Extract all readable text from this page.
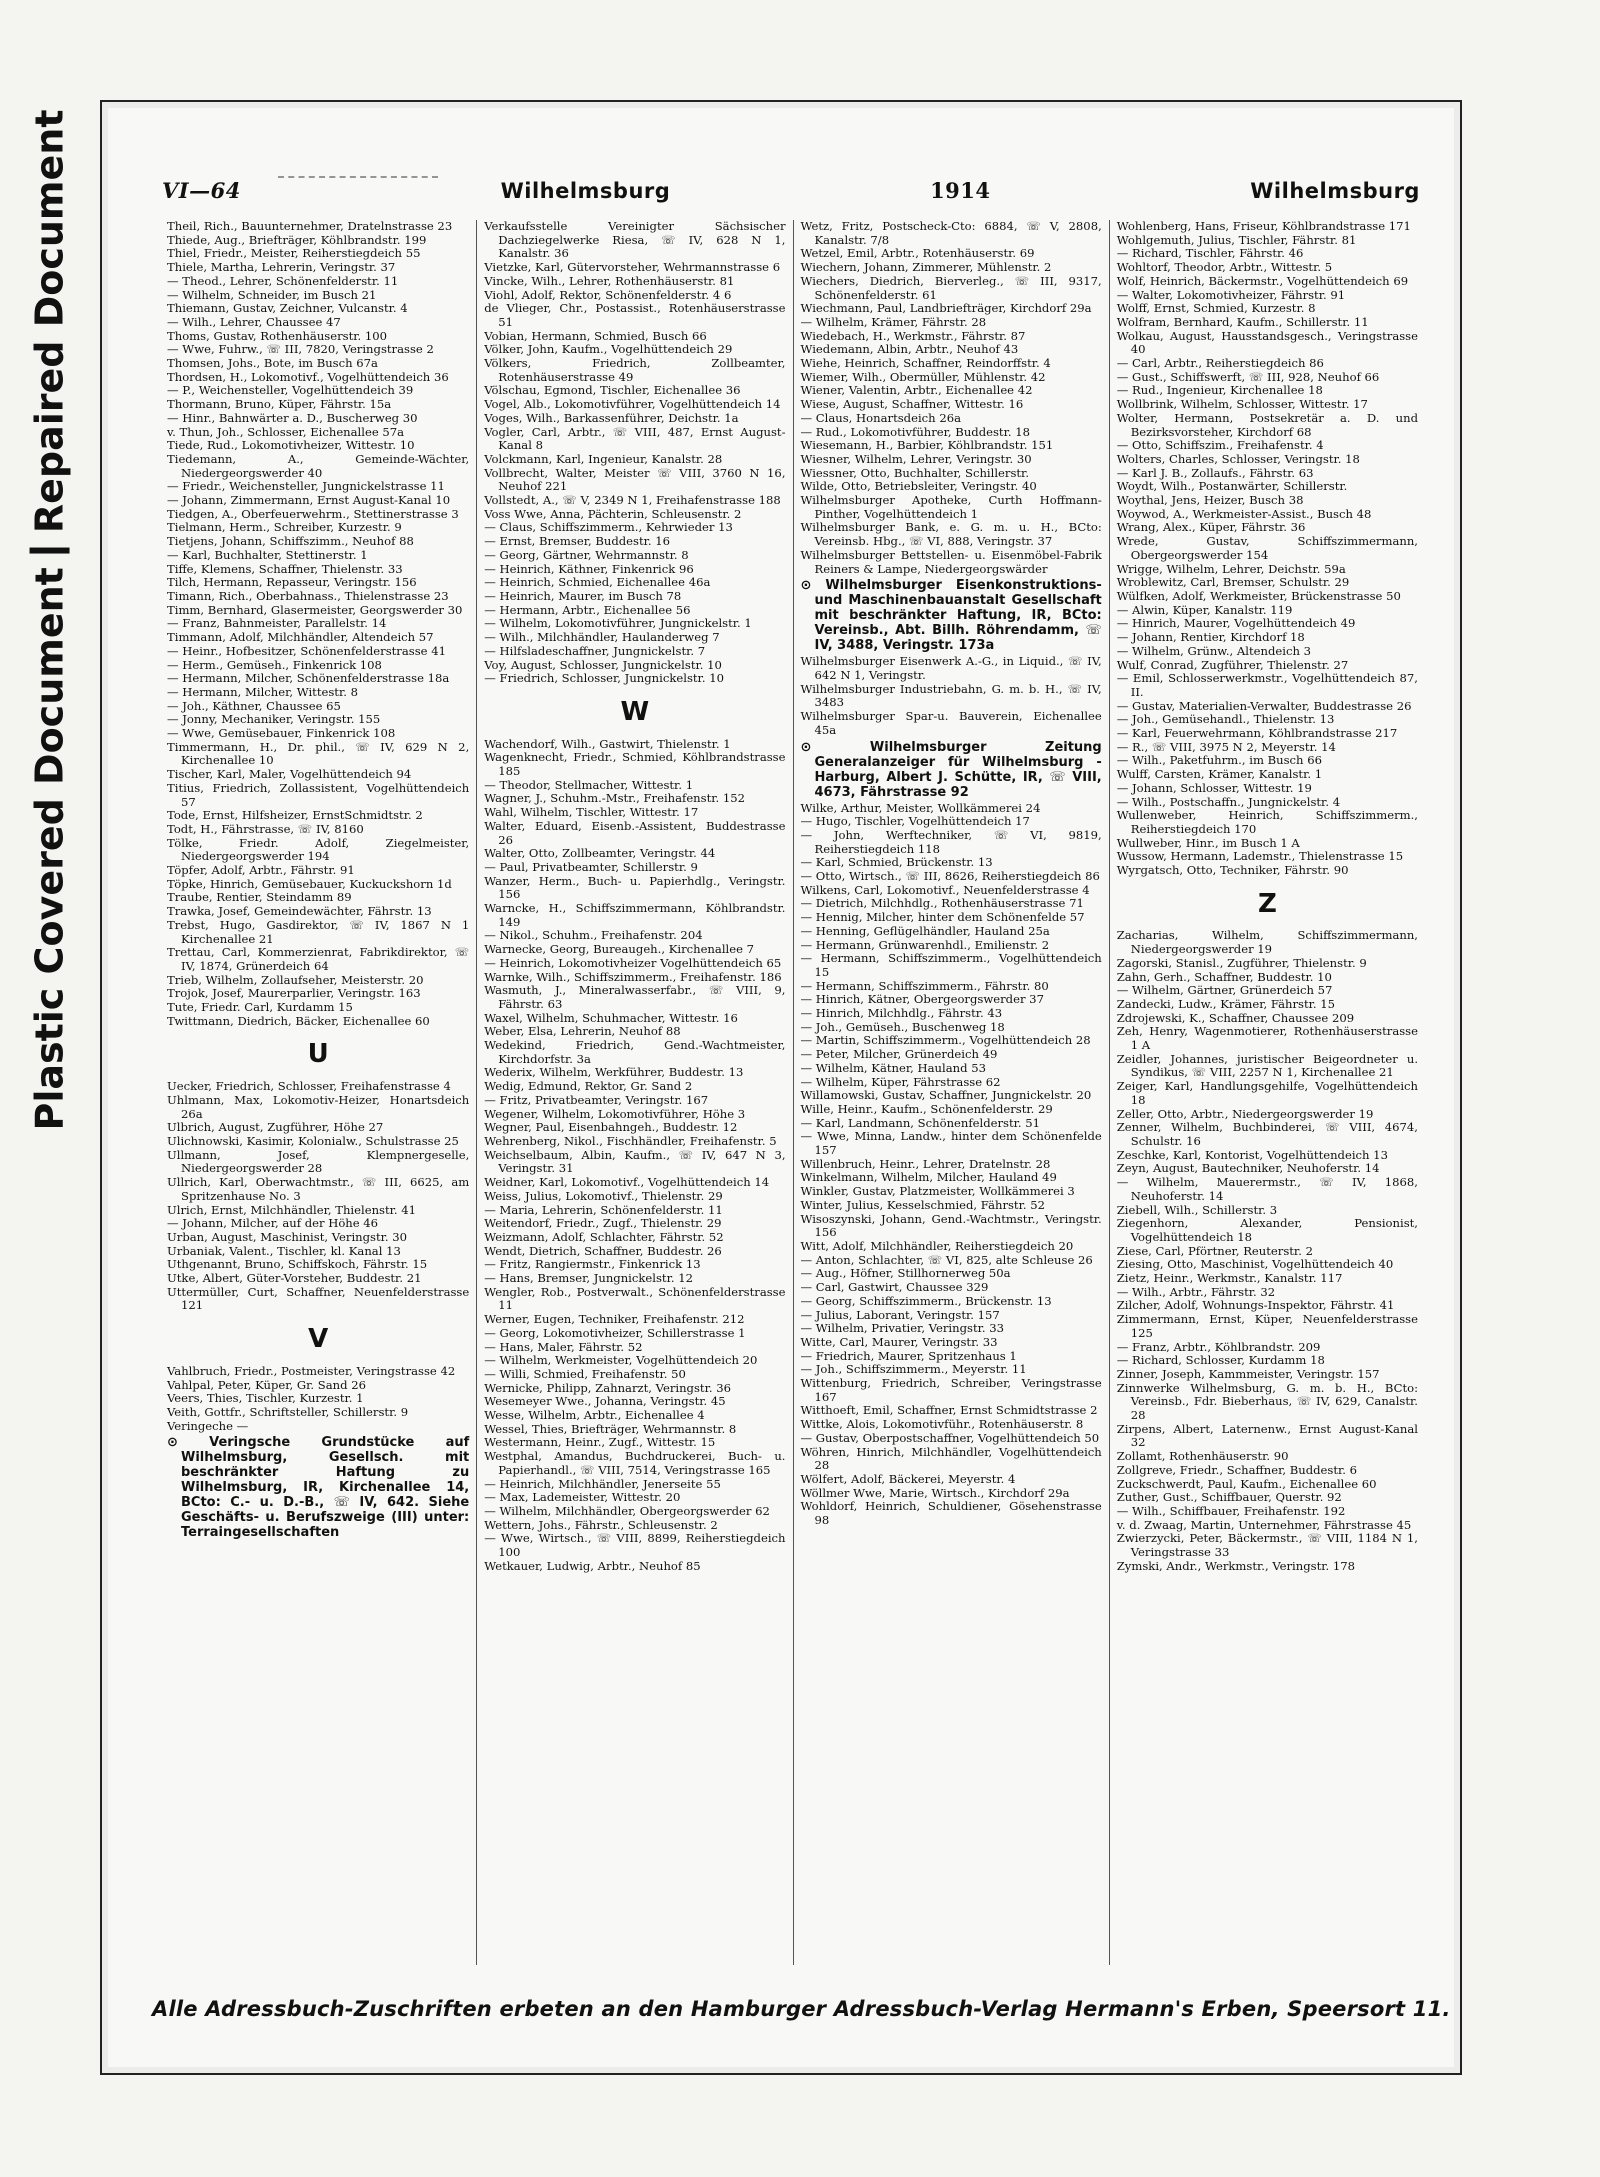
Plastic Covered Document
Repaired Document	VI—64	Wilhelmsburg	1914	Wilhelmsburg
Theil, Rich., Bauunternehmer, Dratelnstrasse 23
Thiede, Aug., Briefträger, Köhlbrandstr. 199
Thiel, Friedr., Meister, Reiherstiegdeich 55
Thiele, Martha, Lehrerin, Veringstr. 37
— Theod., Lehrer, Schönenfelderstr. 11
— Wilhelm, Schneider, im Busch 21
Thiemann, Gustav, Zeichner, Vulcanstr. 4
— Wilh., Lehrer, Chaussee 47
Thoms, Gustav, Rothenhäuserstr. 100
— Wwe, Fuhrw., ☏ III, 7820, Veringstrasse 2
Thomsen, Johs., Bote, im Busch 67a
Thordsen, H., Lokomotivf., Vogelhüttendeich 36
— P., Weichensteller, Vogelhüttendeich 39
Thormann, Bruno, Küper, Fährstr. 15a
— Hinr., Bahnwärter a. D., Buscherweg 30
v. Thun, Joh., Schlosser, Eichenallee 57a
Tiede, Rud., Lokomotivheizer, Wittestr. 10
Tiedemann, A., Gemeinde-Wächter, Niedergeorgswerder 40
— Friedr., Weichensteller, Jungnickelstrasse 11
— Johann, Zimmermann, Ernst August-Kanal 10
Tiedgen, A., Oberfeuerwehrm., Stettinerstrasse 3
Tielmann, Herm., Schreiber, Kurzestr. 9
Tietjens, Johann, Schiffszimm., Neuhof 88
— Karl, Buchhalter, Stettinerstr. 1
Tiffe, Klemens, Schaffner, Thielenstr. 33
Tilch, Hermann, Repasseur, Veringstr. 156
Timann, Rich., Oberbahnass., Thielenstrasse 23
Timm, Bernhard, Glasermeister, Georgswerder 30
— Franz, Bahnmeister, Parallelstr. 14
Timmann, Adolf, Milchhändler, Altendeich 57
— Heinr., Hofbesitzer, Schönenfelderstrasse 41
— Herm., Gemüseh., Finkenrick 108
— Hermann, Milcher, Schönenfelderstrasse 18a
— Hermann, Milcher, Wittestr. 8
— Joh., Käthner, Chaussee 65
— Jonny, Mechaniker, Veringstr. 155
— Wwe, Gemüsebauer, Finkenrick 108
Timmermann, H., Dr. phil., ☏ IV, 629 N 2, Kirchenallee 10
Tischer, Karl, Maler, Vogelhüttendeich 94
Titius, Friedrich, Zollassistent, Vogelhüttendeich 57
Tode, Ernst, Hilfsheizer, ErnstSchmidtstr. 2
Todt, H., Fährstrasse, ☏ IV, 8160
Tölke, Friedr. Adolf, Ziegelmeister, Niedergeorgswerder 194
Töpfer, Adolf, Arbtr., Fährstr. 91
Töpke, Hinrich, Gemüsebauer, Kuckuckshorn 1d
Traube, Rentier, Steindamm 89
Trawka, Josef, Gemeindewächter, Fährstr. 13
Trebst, Hugo, Gasdirektor, ☏ IV, 1867 N 1 Kirchenallee 21
Trettau, Carl, Kommerzienrat, Fabrikdirektor, ☏ IV, 1874, Grünerdeich 64
Trieb, Wilhelm, Zollaufseher, Meisterstr. 20
Trojok, Josef, Maurerparlier, Veringstr. 163
Tute, Friedr. Carl, Kurdamm 15
Twittmann, Diedrich, Bäcker, Eichenallee 60
U
Uecker, Friedrich, Schlosser, Freihafenstrasse 4
Uhlmann, Max, Lokomotiv-Heizer, Honartsdeich 26a
Ulbrich, August, Zugführer, Höhe 27
Ulichnowski, Kasimir, Kolonialw., Schulstrasse 25
Ullmann, Josef, Klempnergeselle, Niedergeorgswerder 28
Ullrich, Karl, Oberwachtmstr., ☏ III, 6625, am Spritzenhause No. 3
Ulrich, Ernst, Milchhändler, Thielenstr. 41
— Johann, Milcher, auf der Höhe 46
Urban, August, Maschinist, Veringstr. 30
Urbaniak, Valent., Tischler, kl. Kanal 13
Uthgenannt, Bruno, Schiffskoch, Fährstr. 15
Utke, Albert, Güter-Vorsteher, Buddestr. 21
Uttermüller, Curt, Schaffner, Neuenfelderstrasse 121
V
Vahlbruch, Friedr., Postmeister, Veringstrasse 42
Vahlpal, Peter, Küper, Gr. Sand 26
Veers, Thies, Tischler, Kurzestr. 1
Veith, Gottfr., Schriftsteller, Schillerstr. 9
Veringeche —
⊙ Veringsche Grundstücke auf Wilhelmsburg, Gesellsch. mit beschränkter Haftung zu Wilhelmsburg, IR, Kirchenallee 14, BCto: C.- u. D.-B., ☏ IV, 642. Siehe Geschäfts- u. Berufszweige (III) unter: Terraingesellschaften
Verkaufsstelle Vereinigter Sächsischer Dachziegelwerke Riesa, ☏ IV, 628 N 1, Kanalstr. 36
Vietzke, Karl, Gütervorsteher, Wehrmannstrasse 6
Vincke, Wilh., Lehrer, Rothenhäuserstr. 81
Viohl, Adolf, Rektor, Schönenfelderstr. 4 6
de Vlieger, Chr., Postassist., Rotenhäuserstrasse 51
Vobian, Hermann, Schmied, Busch 66
Völker, John, Kaufm., Vogelhüttendeich 29
Völkers, Friedrich, Zollbeamter, Rotenhäuserstrasse 49
Völschau, Egmond, Tischler, Eichenallee 36
Vogel, Alb., Lokomotivführer, Vogelhüttendeich 14
Voges, Wilh., Barkassenführer, Deichstr. 1a
Vogler, Carl, Arbtr., ☏ VIII, 487, Ernst August-Kanal 8
Volckmann, Karl, Ingenieur, Kanalstr. 28
Vollbrecht, Walter, Meister ☏ VIII, 3760 N 16, Neuhof 221
Vollstedt, A., ☏ V, 2349 N 1, Freihafenstrasse 188
Voss Wwe, Anna, Pächterin, Schleusenstr. 2
— Claus, Schiffszimmerm., Kehrwieder 13
— Ernst, Bremser, Buddestr. 16
— Georg, Gärtner, Wehrmannstr. 8
— Heinrich, Käthner, Finkenrick 96
— Heinrich, Schmied, Eichenallee 46a
— Heinrich, Maurer, im Busch 78
— Hermann, Arbtr., Eichenallee 56
— Wilhelm, Lokomotivführer, Jungnickelstr. 1
— Wilh., Milchhändler, Haulanderweg 7
— Hilfsladeschaffner, Jungnickelstr. 7
Voy, August, Schlosser, Jungnickelstr. 10
— Friedrich, Schlosser, Jungnickelstr. 10
W
Wachendorf, Wilh., Gastwirt, Thielenstr. 1
Wagenknecht, Friedr., Schmied, Köhlbrandstrasse 185
— Theodor, Stellmacher, Wittestr. 1
Wagner, J., Schuhm.-Mstr., Freihafenstr. 152
Wahl, Wilhelm, Tischler, Wittestr. 17
Walter, Eduard, Eisenb.-Assistent, Buddestrasse 26
Walter, Otto, Zollbeamter, Veringstr. 44
— Paul, Privatbeamter, Schillerstr. 9
Wanzer, Herm., Buch- u. Papierhdlg., Veringstr. 156
Warncke, H., Schiffszimmermann, Köhlbrandstr. 149
— Nikol., Schuhm., Freihafenstr. 204
Warnecke, Georg, Bureaugeh., Kirchenallee 7
— Heinrich, Lokomotivheizer Vogelhüttendeich 65
Warnke, Wilh., Schiffszimmerm., Freihafenstr. 186
Wasmuth, J., Mineralwasserfabr., ☏ VIII, 9, Fährstr. 63
Waxel, Wilhelm, Schuhmacher, Wittestr. 16
Weber, Elsa, Lehrerin, Neuhof 88
Wedekind, Friedrich, Gend.-Wachtmeister, Kirchdorfstr. 3a
Wederix, Wilhelm, Werkführer, Buddestr. 13
Wedig, Edmund, Rektor, Gr. Sand 2
— Fritz, Privatbeamter, Veringstr. 167
Wegener, Wilhelm, Lokomotivführer, Höhe 3
Wegner, Paul, Eisenbahngeh., Buddestr. 12
Wehrenberg, Nikol., Fischhändler, Freihafenstr. 5
Weichselbaum, Albin, Kaufm., ☏ IV, 647 N 3, Veringstr. 31
Weidner, Karl, Lokomotivf., Vogelhüttendeich 14
Weiss, Julius, Lokomotivf., Thielenstr. 29
— Maria, Lehrerin, Schönenfelderstr. 11
Weitendorf, Friedr., Zugf., Thielenstr. 29
Weizmann, Adolf, Schlachter, Fährstr. 52
Wendt, Dietrich, Schaffner, Buddestr. 26
— Fritz, Rangiermstr., Finkenrick 13
— Hans, Bremser, Jungnickelstr. 12
Wengler, Rob., Postverwalt., Schönenfelderstrasse 11
Werner, Eugen, Techniker, Freihafenstr. 212
— Georg, Lokomotivheizer, Schillerstrasse 1
— Hans, Maler, Fährstr. 52
— Wilhelm, Werkmeister, Vogelhüttendeich 20
— Willi, Schmied, Freihafenstr. 50
Wernicke, Philipp, Zahnarzt, Veringstr. 36
Wesemeyer Wwe., Johanna, Veringstr. 45
Wesse, Wilhelm, Arbtr., Eichenallee 4
Wessel, Thies, Briefträger, Wehrmannstr. 8
Westermann, Heinr., Zugf., Wittestr. 15
Westphal, Amandus, Buchdruckerei, Buch- u. Papierhandl., ☏ VIII, 7514, Veringstrasse 165
— Heinrich, Milchhändler, Jenerseite 55
— Max, Lademeister, Wittestr. 20
— Wilhelm, Milchhändler, Obergeorgswerder 62
Wettern, Johs., Fährstr., Schleusenstr. 2
— Wwe, Wirtsch., ☏ VIII, 8899, Reiherstiegdeich 100
Wetkauer, Ludwig, Arbtr., Neuhof 85
Wetz, Fritz, Postscheck-Cto: 6884, ☏ V, 2808, Kanalstr. 7/8
Wetzel, Emil, Arbtr., Rotenhäuserstr. 69
Wiechern, Johann, Zimmerer, Mühlenstr. 2
Wiechers, Diedrich, Bierverleg., ☏ III, 9317, Schönenfelderstr. 61
Wiechmann, Paul, Landbriefträger, Kirchdorf 29a
— Wilhelm, Krämer, Fährstr. 28
Wiedebach, H., Werkmstr., Fährstr. 87
Wiedemann, Albin, Arbtr., Neuhof 43
Wiehe, Heinrich, Schaffner, Reindorffstr. 4
Wiemer, Wilh., Obermüller, Mühlenstr. 42
Wiener, Valentin, Arbtr., Eichenallee 42
Wiese, August, Schaffner, Wittestr. 16
— Claus, Honartsdeich 26a
— Rud., Lokomotivführer, Buddestr. 18
Wiesemann, H., Barbier, Köhlbrandstr. 151
Wiesner, Wilhelm, Lehrer, Veringstr. 30
Wiessner, Otto, Buchhalter, Schillerstr.
Wilde, Otto, Betriebsleiter, Veringstr. 40
Wilhelmsburger Apotheke, Curth Hoffmann-Pinther, Vogelhüttendeich 1
Wilhelmsburger Bank, e. G. m. u. H., BCto: Vereinsb. Hbg., ☏ VI, 888, Veringstr. 37
Wilhelmsburger Bettstellen- u. Eisenmöbel-Fabrik Reiners & Lampe, Niedergeorgswärder
⊙ Wilhelmsburger Eisenkonstruktions- und Maschinenbauanstalt Gesellschaft mit beschränkter Haftung, IR, BCto: Vereinsb., Abt. Billh. Röhrendamm, ☏ IV, 3488, Veringstr. 173a
Wilhelmsburger Eisenwerk A.-G., in Liquid., ☏ IV, 642 N 1, Veringstr.
Wilhelmsburger Industriebahn, G. m. b. H., ☏ IV, 3483
Wilhelmsburger Spar-u. Bauverein, Eichenallee 45a
⊙ Wilhelmsburger Zeitung Generalanzeiger für Wilhelmsburg - Harburg, Albert J. Schütte, IR, ☏ VIII, 4673, Fährstrasse 92
Wilke, Arthur, Meister, Wollkämmerei 24
— Hugo, Tischler, Vogelhüttendeich 17
— John, Werftechniker, ☏ VI, 9819, Reiherstiegdeich 118
— Karl, Schmied, Brückenstr. 13
— Otto, Wirtsch., ☏ III, 8626, Reiherstiegdeich 86
Wilkens, Carl, Lokomotivf., Neuenfelderstrasse 4
— Dietrich, Milchhdlg., Rothenhäuserstrasse 71
— Hennig, Milcher, hinter dem Schönenfelde 57
— Henning, Geflügelhändler, Hauland 25a
— Hermann, Grünwarenhdl., Emilienstr. 2
— Hermann, Schiffszimmerm., Vogelhüttendeich 15
— Hermann, Schiffszimmerm., Fährstr. 80
— Hinrich, Kätner, Obergeorgswerder 37
— Hinrich, Milchhdlg., Fährstr. 43
— Joh., Gemüseh., Buschenweg 18
— Martin, Schiffszimmerm., Vogelhüttendeich 28
— Peter, Milcher, Grünerdeich 49
— Wilhelm, Kätner, Hauland 53
— Wilhelm, Küper, Fährstrasse 62
Willamowski, Gustav, Schaffner, Jungnickelstr. 20
Wille, Heinr., Kaufm., Schönenfelderstr. 29
— Karl, Landmann, Schönenfelderstr. 51
— Wwe, Minna, Landw., hinter dem Schönenfelde 157
Willenbruch, Heinr., Lehrer, Dratelnstr. 28
Winkelmann, Wilhelm, Milcher, Hauland 49
Winkler, Gustav, Platzmeister, Wollkämmerei 3
Winter, Julius, Kesselschmied, Fährstr. 52
Wisoszynski, Johann, Gend.-Wachtmstr., Veringstr. 156
Witt, Adolf, Milchhändler, Reiherstiegdeich 20
— Anton, Schlachter, ☏ VI, 825, alte Schleuse 26
— Aug., Höfner, Stillhornerweg 50a
— Carl, Gastwirt, Chaussee 329
— Georg, Schiffszimmerm., Brückenstr. 13
— Julius, Laborant, Veringstr. 157
— Wilhelm, Privatier, Veringstr. 33
Witte, Carl, Maurer, Veringstr. 33
— Friedrich, Maurer, Spritzenhaus 1
— Joh., Schiffszimmerm., Meyerstr. 11
Wittenburg, Friedrich, Schreiber, Veringstrasse 167
Witthoeft, Emil, Schaffner, Ernst Schmidtstrasse 2
Wittke, Alois, Lokomotivführ., Rotenhäuserstr. 8
— Gustav, Oberpostschaffner, Vogelhüttendeich 50
Wöhren, Hinrich, Milchhändler, Vogelhüttendeich 28
Wölfert, Adolf, Bäckerei, Meyerstr. 4
Wöllmer Wwe, Marie, Wirtsch., Kirchdorf 29a
Wohldorf, Heinrich, Schuldiener, Gösehenstrasse 98
Wohlenberg, Hans, Friseur, Köhlbrandstrasse 171
Wohlgemuth, Julius, Tischler, Fährstr. 81
— Richard, Tischler, Fährstr. 46
Wohltorf, Theodor, Arbtr., Wittestr. 5
Wolf, Heinrich, Bäckermstr., Vogelhüttendeich 69
— Walter, Lokomotivheizer, Fährstr. 91
Wolff, Ernst, Schmied, Kurzestr. 8
Wolfram, Bernhard, Kaufm., Schillerstr. 11
Wolkau, August, Hausstandsgesch., Veringstrasse 40
— Carl, Arbtr., Reiherstiegdeich 86
— Gust., Schiffswerft, ☏ III, 928, Neuhof 66
— Rud., Ingenieur, Kirchenallee 18
Wollbrink, Wilhelm, Schlosser, Wittestr. 17
Wolter, Hermann, Postsekretär a. D. und Bezirksvorsteher, Kirchdorf 68
— Otto, Schiffszim., Freihafenstr. 4
Wolters, Charles, Schlosser, Veringstr. 18
— Karl J. B., Zollaufs., Fährstr. 63
Woydt, Wilh., Postanwärter, Schillerstr.
Woythal, Jens, Heizer, Busch 38
Woywod, A., Werkmeister-Assist., Busch 48
Wrang, Alex., Küper, Fährstr. 36
Wrede, Gustav, Schiffszimmermann, Obergeorgswerder 154
Wrigge, Wilhelm, Lehrer, Deichstr. 59a
Wroblewitz, Carl, Bremser, Schulstr. 29
Wülfken, Adolf, Werkmeister, Brückenstrasse 50
— Alwin, Küper, Kanalstr. 119
— Hinrich, Maurer, Vogelhüttendeich 49
— Johann, Rentier, Kirchdorf 18
— Wilhelm, Grünw., Altendeich 3
Wulf, Conrad, Zugführer, Thielenstr. 27
— Emil, Schlosserwerkmstr., Vogelhüttendeich 87, II.
— Gustav, Materialien-Verwalter, Buddestrasse 26
— Joh., Gemüsehandl., Thielenstr. 13
— Karl, Feuerwehrmann, Köhlbrandstrasse 217
— R., ☏ VIII, 3975 N 2, Meyerstr. 14
— Wilh., Paketfuhrm., im Busch 66
Wulff, Carsten, Krämer, Kanalstr. 1
— Johann, Schlosser, Wittestr. 19
— Wilh., Postschaffn., Jungnickelstr. 4
Wullenweber, Heinrich, Schiffszimmerm., Reiherstiegdeich 170
Wullweber, Hinr., im Busch 1 A
Wussow, Hermann, Lademstr., Thielenstrasse 15
Wyrgatsch, Otto, Techniker, Fährstr. 90
Z
Zacharias, Wilhelm, Schiffszimmermann, Niedergeorgswerder 19
Zagorski, Stanisl., Zugführer, Thielenstr. 9
Zahn, Gerh., Schaffner, Buddestr. 10
— Wilhelm, Gärtner, Grünerdeich 57
Zandecki, Ludw., Krämer, Fährstr. 15
Zdrojewski, K., Schaffner, Chaussee 209
Zeh, Henry, Wagenmotierer, Rothenhäuserstrasse 1 A
Zeidler, Johannes, juristischer Beigeordneter u. Syndikus, ☏ VIII, 2257 N 1, Kirchenallee 21
Zeiger, Karl, Handlungsgehilfe, Vogelhüttendeich 18
Zeller, Otto, Arbtr., Niedergeorgswerder 19
Zenner, Wilhelm, Buchbinderei, ☏ VIII, 4674, Schulstr. 16
Zeschke, Karl, Kontorist, Vogelhüttendeich 13
Zeyn, August, Bautechniker, Neuhoferstr. 14
— Wilhelm, Mauerermstr., ☏ IV, 1868, Neuhoferstr. 14
Ziebell, Wilh., Schillerstr. 3
Ziegenhorn, Alexander, Pensionist, Vogelhüttendeich 18
Ziese, Carl, Pförtner, Reuterstr. 2
Ziesing, Otto, Maschinist, Vogelhüttendeich 40
Zietz, Heinr., Werkmstr., Kanalstr. 117
— Wilh., Arbtr., Fährstr. 32
Zilcher, Adolf, Wohnungs-Inspektor, Fährstr. 41
Zimmermann, Ernst, Küper, Neuenfelderstrasse 125
— Franz, Arbtr., Köhlbrandstr. 209
— Richard, Schlosser, Kurdamm 18
Zinner, Joseph, Kammmeister, Veringstr. 157
Zinnwerke Wilhelmsburg, G. m. b. H., BCto: Vereinsb., Fdr. Bieberhaus, ☏ IV, 629, Canalstr. 28
Zirpens, Albert, Laternenw., Ernst August-Kanal 32
Zollamt, Rothenhäuserstr. 90
Zollgreve, Friedr., Schaffner, Buddestr. 6
Zuckschwerdt, Paul, Kaufm., Eichenallee 60
Zuther, Gust., Schiffbauer, Querstr. 92
— Wilh., Schiffbauer, Freihafenstr. 192
v. d. Zwaag, Martin, Unternehmer, Fährstrasse 45
Zwierzycki, Peter, Bäckermstr., ☏ VIII, 1184 N 1, Veringstrasse 33
Zymski, Andr., Werkmstr., Veringstr. 178
Alle Adressbuch-Zuschriften erbeten an den Hamburger Adressbuch-Verlag Hermann's Erben, Speersort 11.
